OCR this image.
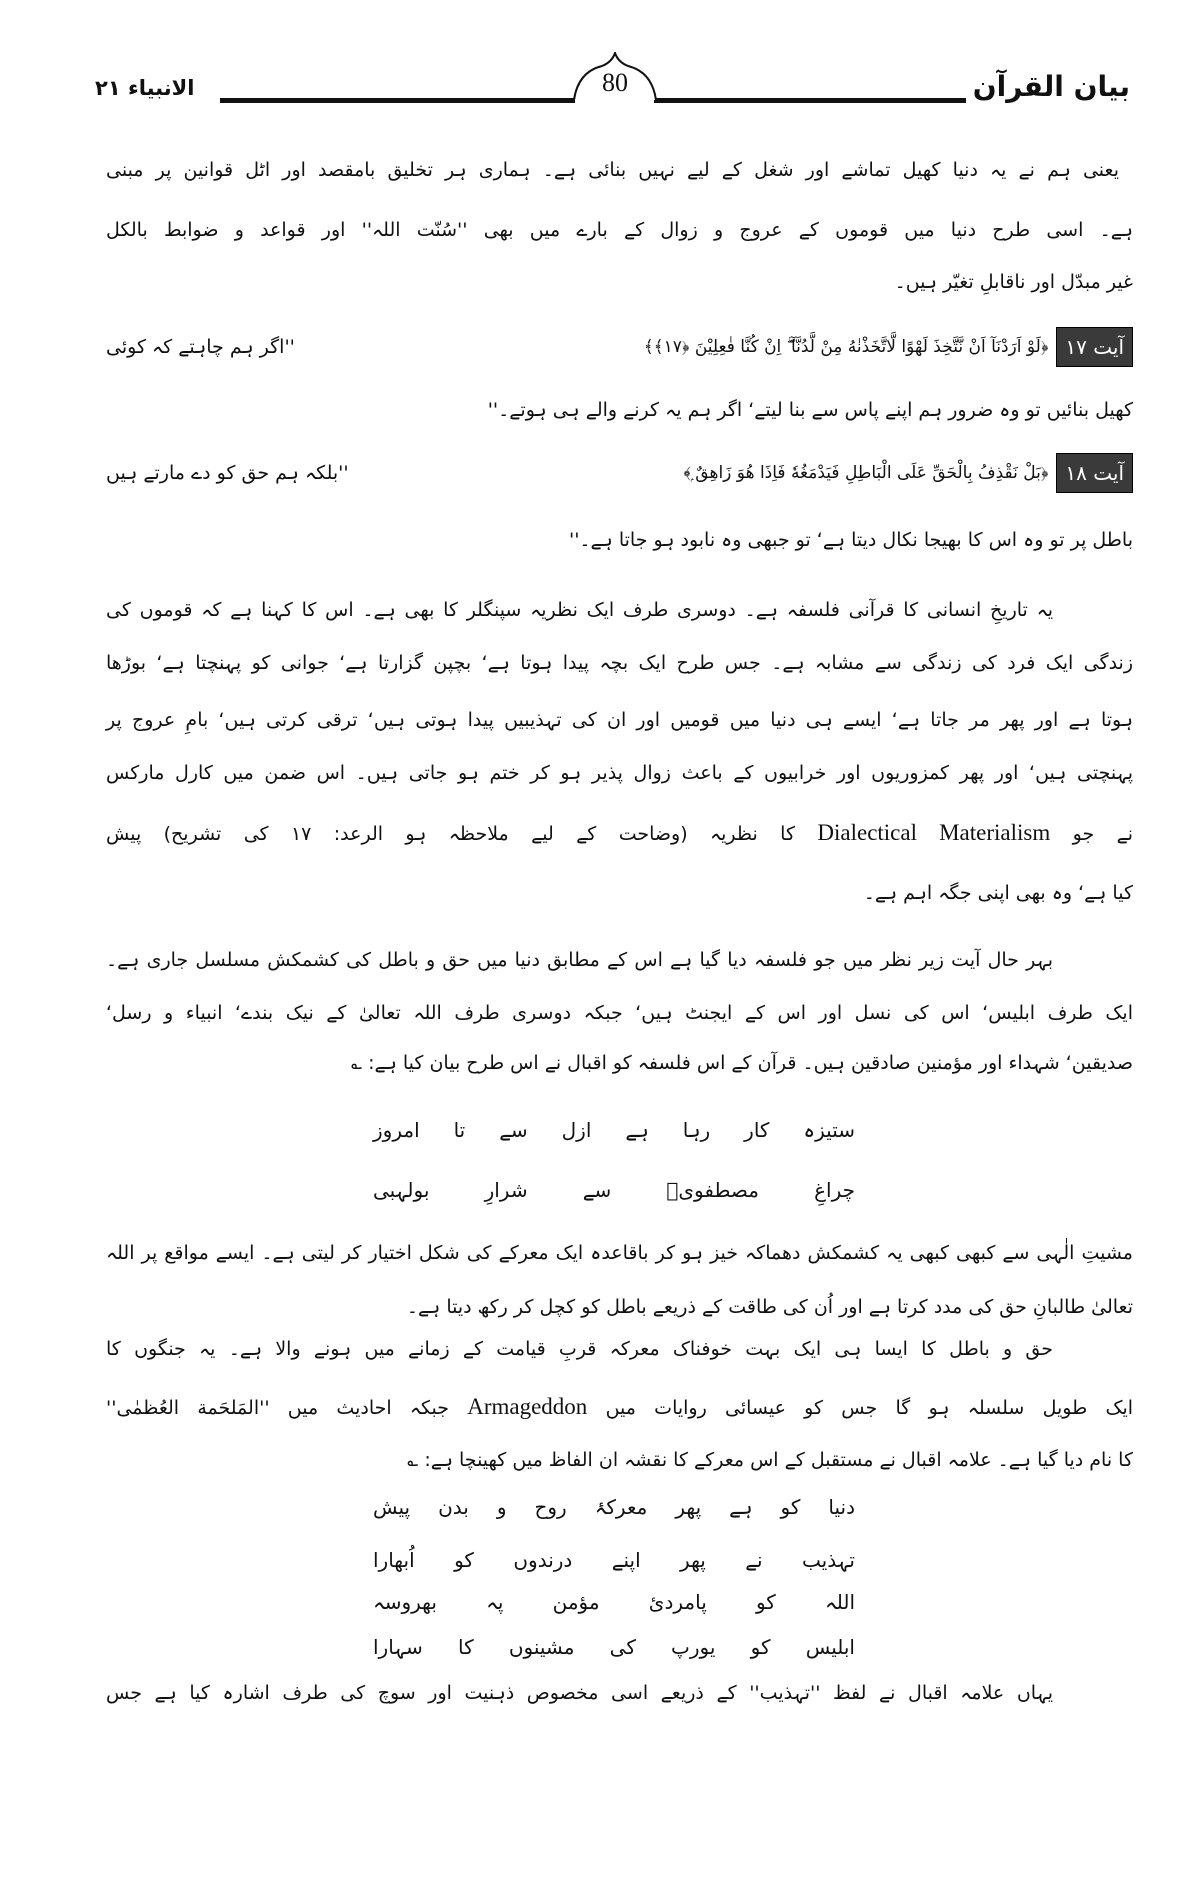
بیان القرآن
80
الانبیاء ۲۱
یعنی ہم نے یہ دنیا کھیل تماشے اور شغل کے لیے نہیں بنائی ہے۔ ہماری ہر تخلیق بامقصد اور اٹل قوانین پر مبنی
ہے۔ اسی طرح دنیا میں قوموں کے عروج و زوال کے بارے میں بھی ''سُنّت اللہ'' اور قواعد و ضوابط بالکل
غیر مبدّل اور ناقابلِ تغیّر ہیں۔
آیت ۱۷
﴿لَوْ اَرَدْنَآ اَنْ نَّتَّخِذَ لَهْوًا لَّاتَّخَذْنٰهُ مِنْ لَّدُنَّآ ۖ اِنْ كُنَّا فٰعِلِيْنَ ﴿۱۷﴾﴾
''اگر ہم چاہتے کہ کوئی
کھیل بنائیں تو وہ ضرور ہم اپنے پاس سے بنا لیتے‘ اگر ہم یہ کرنے والے ہی ہوتے۔''
آیت ۱۸
﴿بَلْ نَقْذِفُ بِالْحَقِّ عَلَى الْبَاطِلِ فَيَدْمَغُهٗ فَاِذَا هُوَ زَاهِقٌ ۭ﴾
''بلکہ ہم حق کو دے مارتے ہیں
باطل پر تو وہ اس کا بھیجا نکال دیتا ہے‘ تو جبھی وہ نابود ہو جاتا ہے۔''
یہ تاریخِ انسانی کا قرآنی فلسفہ ہے۔ دوسری طرف ایک نظریہ سپنگلر کا بھی ہے۔ اس کا کہنا ہے کہ قوموں کی
زندگی ایک فرد کی زندگی سے مشابہ ہے۔ جس طرح ایک بچہ پیدا ہوتا ہے‘ بچپن گزارتا ہے‘ جوانی کو پہنچتا ہے‘ بوڑھا
ہوتا ہے اور پھر مر جاتا ہے‘ ایسے ہی دنیا میں قومیں اور ان کی تہذیبیں پیدا ہوتی ہیں‘ ترقی کرتی ہیں‘ بامِ عروج پر
پہنچتی ہیں‘ اور پھر کمزوریوں اور خرابیوں کے باعث زوال پذیر ہو کر ختم ہو جاتی ہیں۔ اس ضمن میں کارل مارکس
نے جو Dialectical Materialism کا نظریہ (وضاحت کے لیے ملاحظہ ہو الرعد: ۱۷ کی تشریح) پیش
کیا ہے‘ وہ بھی اپنی جگہ اہم ہے۔
بہر حال آیت زیر نظر میں جو فلسفہ دیا گیا ہے اس کے مطابق دنیا میں حق و باطل کی کشمکش مسلسل جاری ہے۔
ایک طرف ابلیس‘ اس کی نسل اور اس کے ایجنٹ ہیں‘ جبکہ دوسری طرف اللہ تعالیٰ کے نیک بندے‘ انبیاء و رسل‘
صدیقین‘ شہداء اور مؤمنین صادقین ہیں۔ قرآن کے اس فلسفہ کو اقبال نے اس طرح بیان کیا ہے: ؎
ستیزہ کار رہا ہے ازل سے تا امروز
چراغِ مصطفویؐ سے شرارِ بولہبی
مشیتِ الٰہی سے کبھی کبھی یہ کشمکش دھماکہ خیز ہو کر باقاعدہ ایک معرکے کی شکل اختیار کر لیتی ہے۔ ایسے مواقع پر اللہ
تعالیٰ طالبانِ حق کی مدد کرتا ہے اور اُن کی طاقت کے ذریعے باطل کو کچل کر رکھ دیتا ہے۔
حق و باطل کا ایسا ہی ایک بہت خوفناک معرکہ قربِ قیامت کے زمانے میں ہونے والا ہے۔ یہ جنگوں کا
ایک طویل سلسلہ ہو گا جس کو عیسائی روایات میں Armageddon جبکہ احادیث میں ''المَلحَمة العُظمٰى''
کا نام دیا گیا ہے۔ علامہ اقبال نے مستقبل کے اس معرکے کا نقشہ ان الفاظ میں کھینچا ہے: ؎
دنیا کو ہے پھر معرکۂ روح و بدن پیش
تہذیب نے پھر اپنے درندوں کو اُبھارا
اللہ کو پامردیٔ مؤمن پہ بھروسہ
ابلیس کو یورپ کی مشینوں کا سہارا
یہاں علامہ اقبال نے لفظ ''تہذیب'' کے ذریعے اسی مخصوص ذہنیت اور سوچ کی طرف اشارہ کیا ہے جس
